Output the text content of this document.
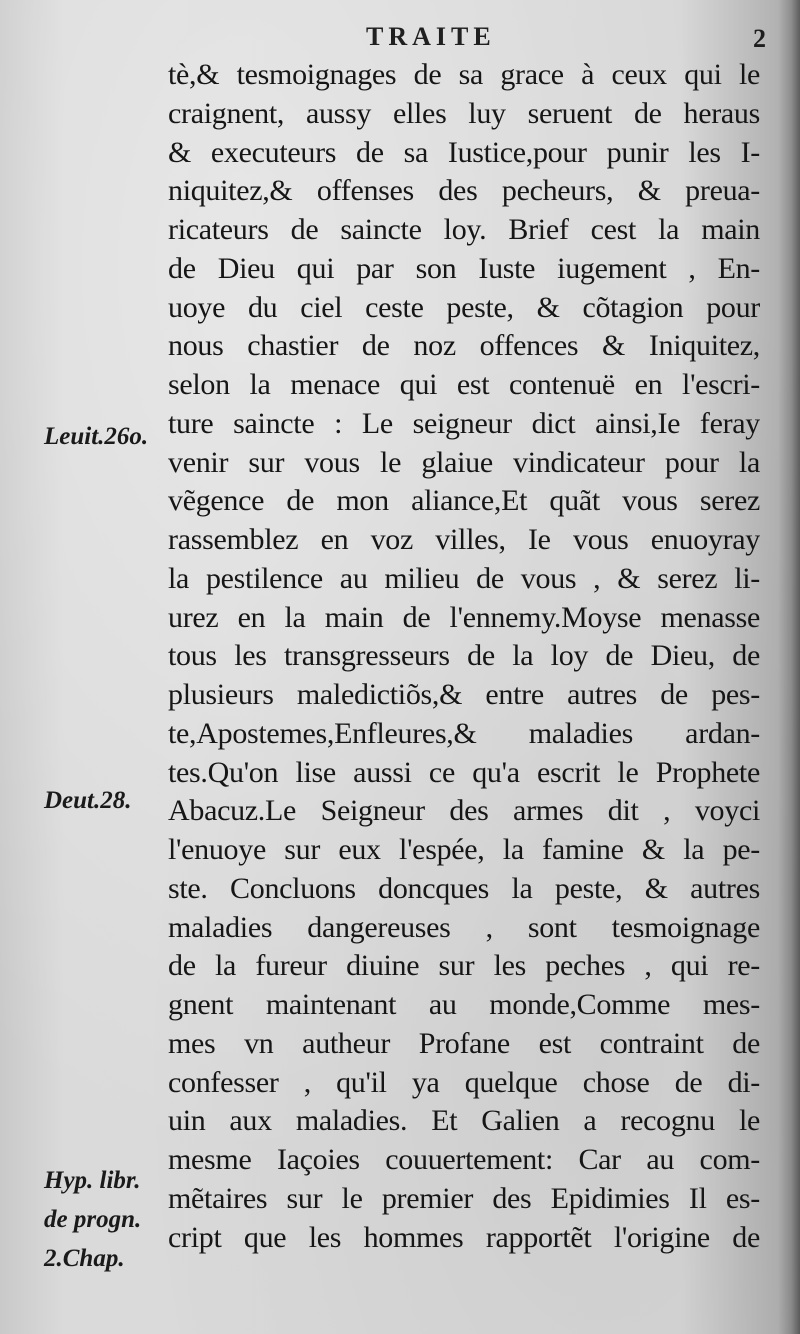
TRAITE	2
tè,& tesmoignages de sa grace à ceux qui le
craignent, aussy elles luy seruent de heraus
& executeurs de sa Iustice,pour punir les I-
niquitez,& offenses des pecheurs, & preua-
ricateurs de saincte loy. Brief cest la main
de Dieu qui par son Iuste iugement , En-
uoye du ciel ceste peste, & cõtagion pour
nous chastier de noz offences & Iniquitez,
selon la menace qui est contenuë en l'escri-
ture saincte : Le seigneur dict ainsi,Ie feray
venir sur vous le glaiue vindicateur pour la
vẽgence de mon aliance,Et quãt vous serez
rassemblez en voz villes, Ie vous enuoyray
la pestilence au milieu de vous , & serez li-
urez en la main de l'ennemy.Moyse menasse
tous les transgresseurs de la loy de Dieu, de
plusieurs maledictiõs,& entre autres de pes-
te,Apostemes,Enfleures,& maladies ardan-
tes.Qu'on lise aussi ce qu'a escrit le Prophete
Abacuz.Le Seigneur des armes dit , voyci
l'enuoye sur eux l'espée, la famine & la pe-
ste. Concluons doncques la peste, & autres
maladies dangereuses , sont tesmoignage
de la fureur diuine sur les peches , qui re-
gnent maintenant au monde,Comme mes-
mes vn autheur Profane est contraint de
confesser , qu'il ya quelque chose de di-
uin aux maladies. Et Galien a recognu le
mesme Iaçoies couuertement: Car au com-
mẽtaires sur le premier des Epidimies Il es-
cript que les hommes rapportẽt l'origine de
Leuit.26o.
Deut.28.
Hyp. libr.
de progn.
2.Chap.
